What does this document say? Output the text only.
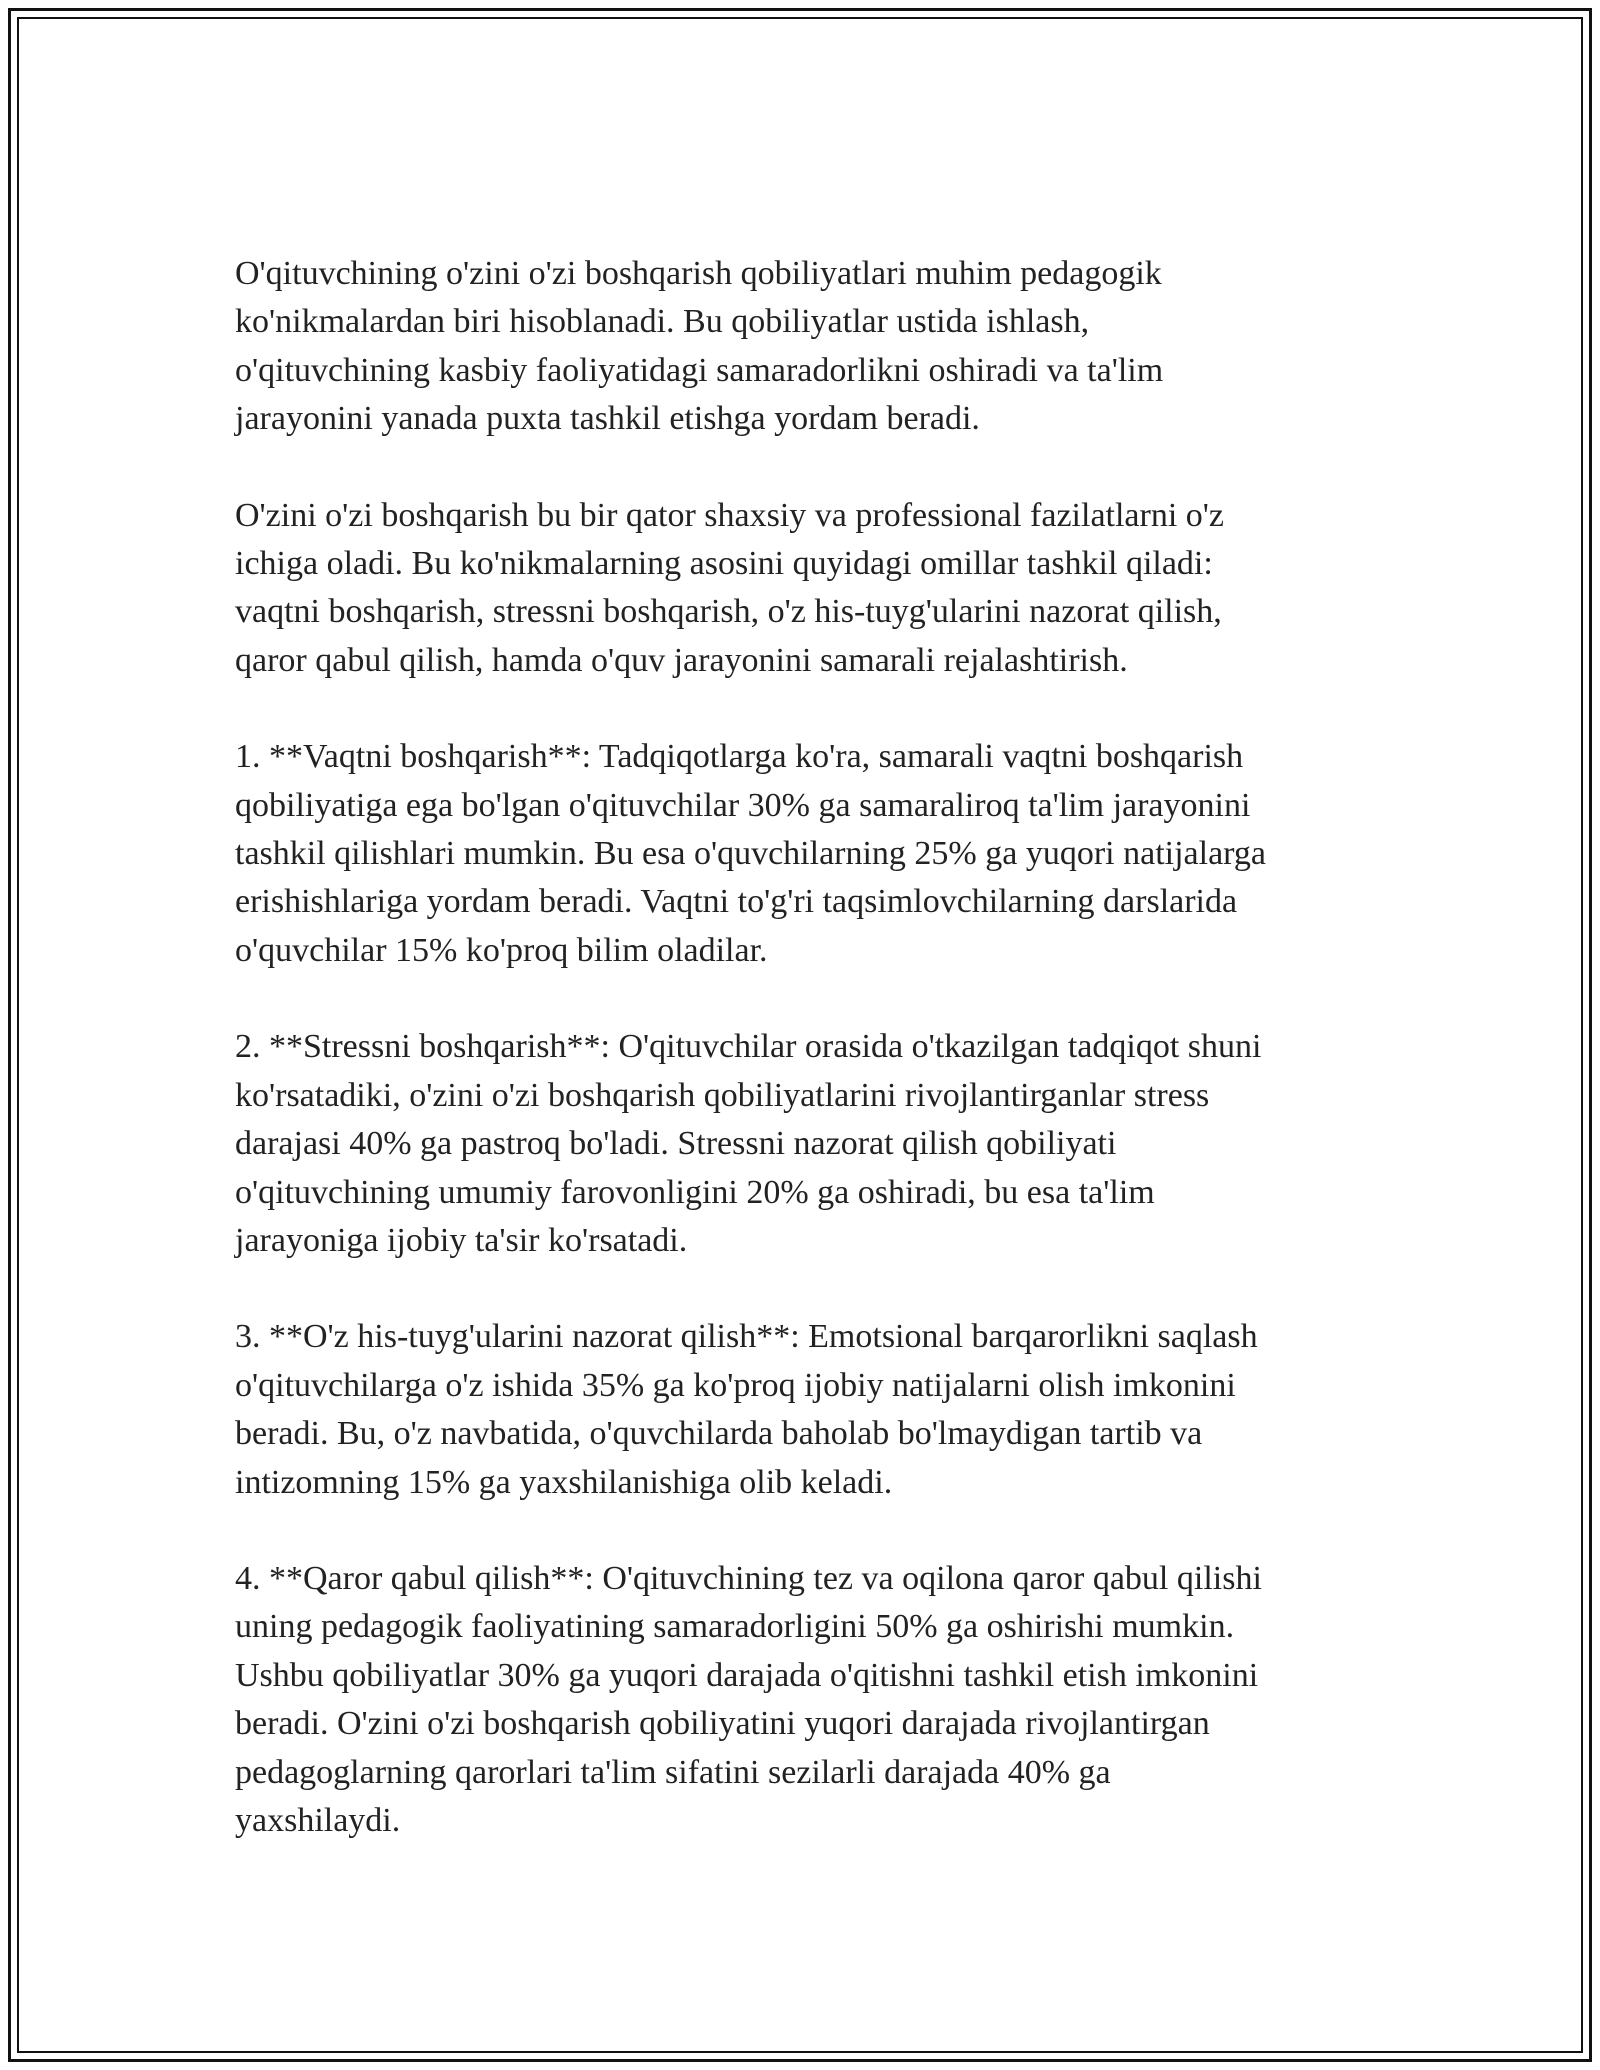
O'qituvchining o'zini o'zi boshqarish qobiliyatlari muhim pedagogik
ko'nikmalardan biri hisoblanadi. Bu qobiliyatlar ustida ishlash,
o'qituvchining kasbiy faoliyatidagi samaradorlikni oshiradi va ta'lim
jarayonini yanada puxta tashkil etishga yordam beradi.

O'zini o'zi boshqarish bu bir qator shaxsiy va professional fazilatlarni o'z
ichiga oladi. Bu ko'nikmalarning asosini quyidagi omillar tashkil qiladi:
vaqtni boshqarish, stressni boshqarish, o'z his-tuyg'ularini nazorat qilish,
qaror qabul qilish, hamda o'quv jarayonini samarali rejalashtirish.

1. **Vaqtni boshqarish**: Tadqiqotlarga ko'ra, samarali vaqtni boshqarish
qobiliyatiga ega bo'lgan o'qituvchilar 30% ga samaraliroq ta'lim jarayonini
tashkil qilishlari mumkin. Bu esa o'quvchilarning 25% ga yuqori natijalarga
erishishlariga yordam beradi. Vaqtni to'g'ri taqsimlovchilarning darslarida
o'quvchilar 15% ko'proq bilim oladilar.

2. **Stressni boshqarish**: O'qituvchilar orasida o'tkazilgan tadqiqot shuni
ko'rsatadiki, o'zini o'zi boshqarish qobiliyatlarini rivojlantirganlar stress
darajasi 40% ga pastroq bo'ladi. Stressni nazorat qilish qobiliyati
o'qituvchining umumiy farovonligini 20% ga oshiradi, bu esa ta'lim
jarayoniga ijobiy ta'sir ko'rsatadi.

3. **O'z his-tuyg'ularini nazorat qilish**: Emotsional barqarorlikni saqlash
o'qituvchilarga o'z ishida 35% ga ko'proq ijobiy natijalarni olish imkonini
beradi. Bu, o'z navbatida, o'quvchilarda baholab bo'lmaydigan tartib va
intizomning 15% ga yaxshilanishiga olib keladi.

4. **Qaror qabul qilish**: O'qituvchining tez va oqilona qaror qabul qilishi
uning pedagogik faoliyatining samaradorligini 50% ga oshirishi mumkin.
Ushbu qobiliyatlar 30% ga yuqori darajada o'qitishni tashkil etish imkonini
beradi. O'zini o'zi boshqarish qobiliyatini yuqori darajada rivojlantirgan
pedagoglarning qarorlari ta'lim sifatini sezilarli darajada 40% ga
yaxshilaydi.
